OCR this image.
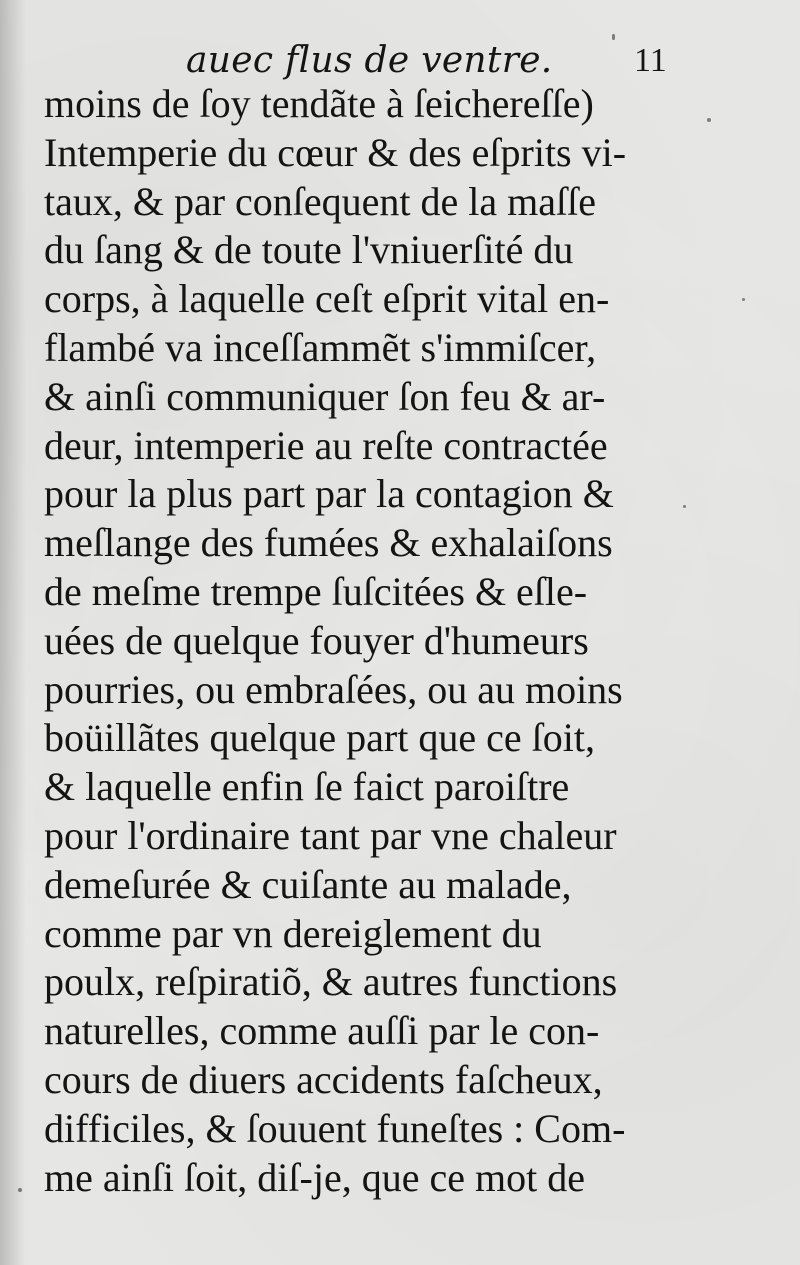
auec flus de ventre. 11
moins de ſoy tendãte à ſeichereſſe)
Intemperie du cœur & des eſprits vi-
taux, & par conſequent de la maſſe
du ſang & de toute l'vniuerſité du
corps, à laquelle ceſt eſprit vital en-
flambé va inceſſammẽt s'immiſcer,
& ainſi communiquer ſon feu & ar-
deur, intemperie au reſte contractée
pour la plus part par la contagion &
meſlange des fumées & exhalaiſons
de meſme trempe ſuſcitées & eſle-
uées de quelque fouyer d'humeurs
pourries, ou embraſées, ou au moins
boüillãtes quelque part que ce ſoit,
& laquelle enfin ſe faict paroiſtre
pour l'ordinaire tant par vne chaleur
demeſurée & cuiſante au malade,
comme par vn dereiglement du
poulx, reſpiratiõ, & autres functions
naturelles, comme auſſi par le con-
cours de diuers accidents faſcheux,
difficiles, & ſouuent funeſtes : Com-
me ainſi ſoit, diſ-je, que ce mot de
